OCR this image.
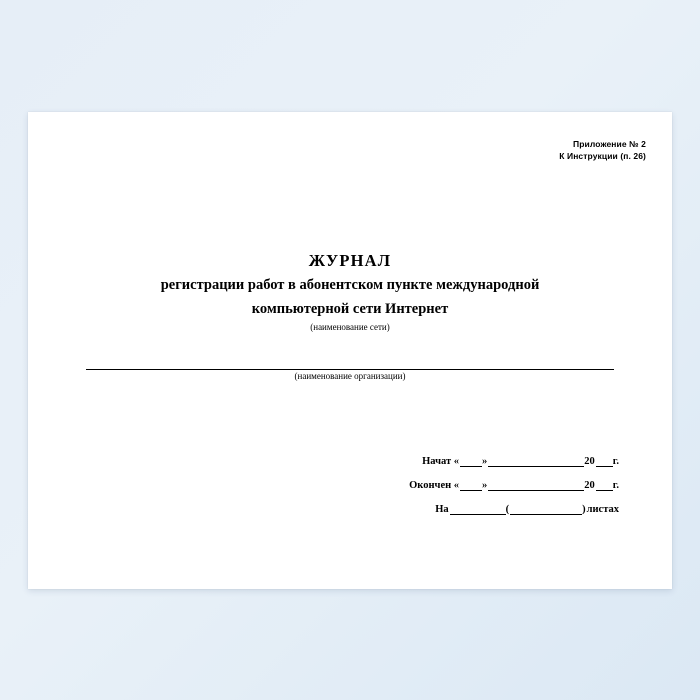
Приложение № 2
К Инструкции (п. 26)
ЖУРНАЛ
регистрации работ в абонентском пункте международной
компьютерной сети Интернет
(наименование сети)
(наименование организации)
Начат « »	20 г.
Окончен « »	20 г.
На	(	) листах
